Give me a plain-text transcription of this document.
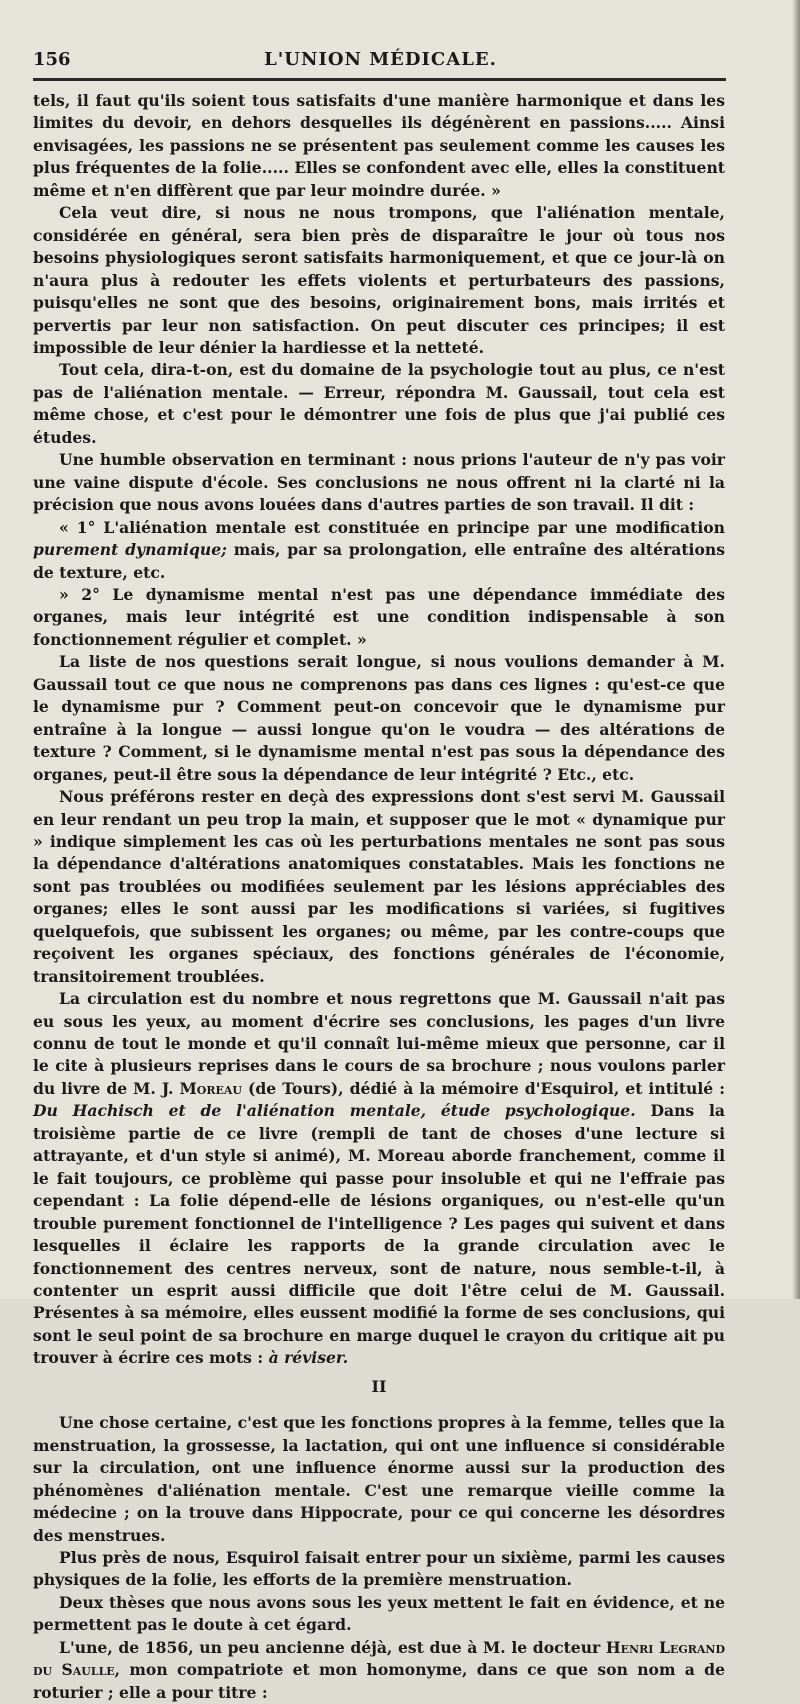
L'UNION MÉDICALE.
156

tels, il faut qu'ils soient tous satisfaits d'une manière harmonique et dans les limites du devoir, en dehors desquelles ils dégénèrent en passions..... Ainsi envisagées, les passions ne se présentent pas seulement comme les causes les plus fréquentes de la folie..... Elles se confondent avec elle, elles la constituent même et n'en diffèrent que par leur moindre durée. »

Cela veut dire, si nous ne nous trompons, que l'aliénation mentale, considérée en général, sera bien près de disparaître le jour où tous nos besoins physiologiques seront satisfaits harmoniquement, et que ce jour-là on n'aura plus à redouter les effets violents et perturbateurs des passions, puisqu'elles ne sont que des besoins, originairement bons, mais irrités et pervertis par leur non satisfaction. On peut discuter ces principes; il est impossible de leur dénier la hardiesse et la netteté.

Tout cela, dira-t-on, est du domaine de la psychologie tout au plus, ce n'est pas de l'aliénation mentale. — Erreur, répondra M. Gaussail, tout cela est même chose, et c'est pour le démontrer une fois de plus que j'ai publié ces études.

Une humble observation en terminant : nous prions l'auteur de n'y pas voir une vaine dispute d'école. Ses conclusions ne nous offrent ni la clarté ni la précision que nous avons louées dans d'autres parties de son travail. Il dit :

« 1° L'aliénation mentale est constituée en principe par une modification purement dynamique; mais, par sa prolongation, elle entraîne des altérations de texture, etc.

» 2° Le dynamisme mental n'est pas une dépendance immédiate des organes, mais leur intégrité est une condition indispensable à son fonctionnement régulier et complet. »

La liste de nos questions serait longue, si nous voulions demander à M. Gaussail tout ce que nous ne comprenons pas dans ces lignes : qu'est-ce que le dynamisme pur ? Comment peut-on concevoir que le dynamisme pur entraîne à la longue — aussi longue qu'on le voudra — des altérations de texture ? Comment, si le dynamisme mental n'est pas sous la dépendance des organes, peut-il être sous la dépendance de leur intégrité ? Etc., etc.

Nous préférons rester en deçà des expressions dont s'est servi M. Gaussail en leur rendant un peu trop la main, et supposer que le mot « dynamique pur » indique simplement les cas où les perturbations mentales ne sont pas sous la dépendance d'altérations anatomiques constatables. Mais les fonctions ne sont pas troublées ou modifiées seulement par les lésions appréciables des organes; elles le sont aussi par les modifications si variées, si fugitives quelquefois, que subissent les organes; ou même, par les contre-coups que reçoivent les organes spéciaux, des fonctions générales de l'économie, transitoirement troublées.

La circulation est du nombre et nous regrettons que M. Gaussail n'ait pas eu sous les yeux, au moment d'écrire ses conclusions, les pages d'un livre connu de tout le monde et qu'il connaît lui-même mieux que personne, car il le cite à plusieurs reprises dans le cours de sa brochure ; nous voulons parler du livre de M. J. Moreau (de Tours), dédié à la mémoire d'Esquirol, et intitulé : Du Hachisch et de l'aliénation mentale, étude psychologique. Dans la troisième partie de ce livre (rempli de tant de choses d'une lecture si attrayante, et d'un style si animé), M. Moreau aborde franchement, comme il le fait toujours, ce problème qui passe pour insoluble et qui ne l'effraie pas cependant : La folie dépend-elle de lésions organiques, ou n'est-elle qu'un trouble purement fonctionnel de l'intelligence ? Les pages qui suivent et dans lesquelles il éclaire les rapports de la grande circulation avec le fonctionnement des centres nerveux, sont de nature, nous semble-t-il, à contenter un esprit aussi difficile que doit l'être celui de M. Gaussail. Présentes à sa mémoire, elles eussent modifié la forme de ses conclusions, qui sont le seul point de sa brochure en marge duquel le crayon du critique ait pu trouver à écrire ces mots : à réviser.

II

Une chose certaine, c'est que les fonctions propres à la femme, telles que la menstruation, la grossesse, la lactation, qui ont une influence si considérable sur la circulation, ont une influence énorme aussi sur la production des phénomènes d'aliénation mentale. C'est une remarque vieille comme la médecine ; on la trouve dans Hippocrate, pour ce qui concerne les désordres des menstrues.

Plus près de nous, Esquirol faisait entrer pour un sixième, parmi les causes physiques de la folie, les efforts de la première menstruation.

Deux thèses que nous avons sous les yeux mettent le fait en évidence, et ne permettent pas le doute à cet égard.

L'une, de 1856, un peu ancienne déjà, est due à M. le docteur Henri Legrand du Saulle, mon compatriote et mon homonyme, dans ce que son nom a de roturier ; elle a pour titre :
